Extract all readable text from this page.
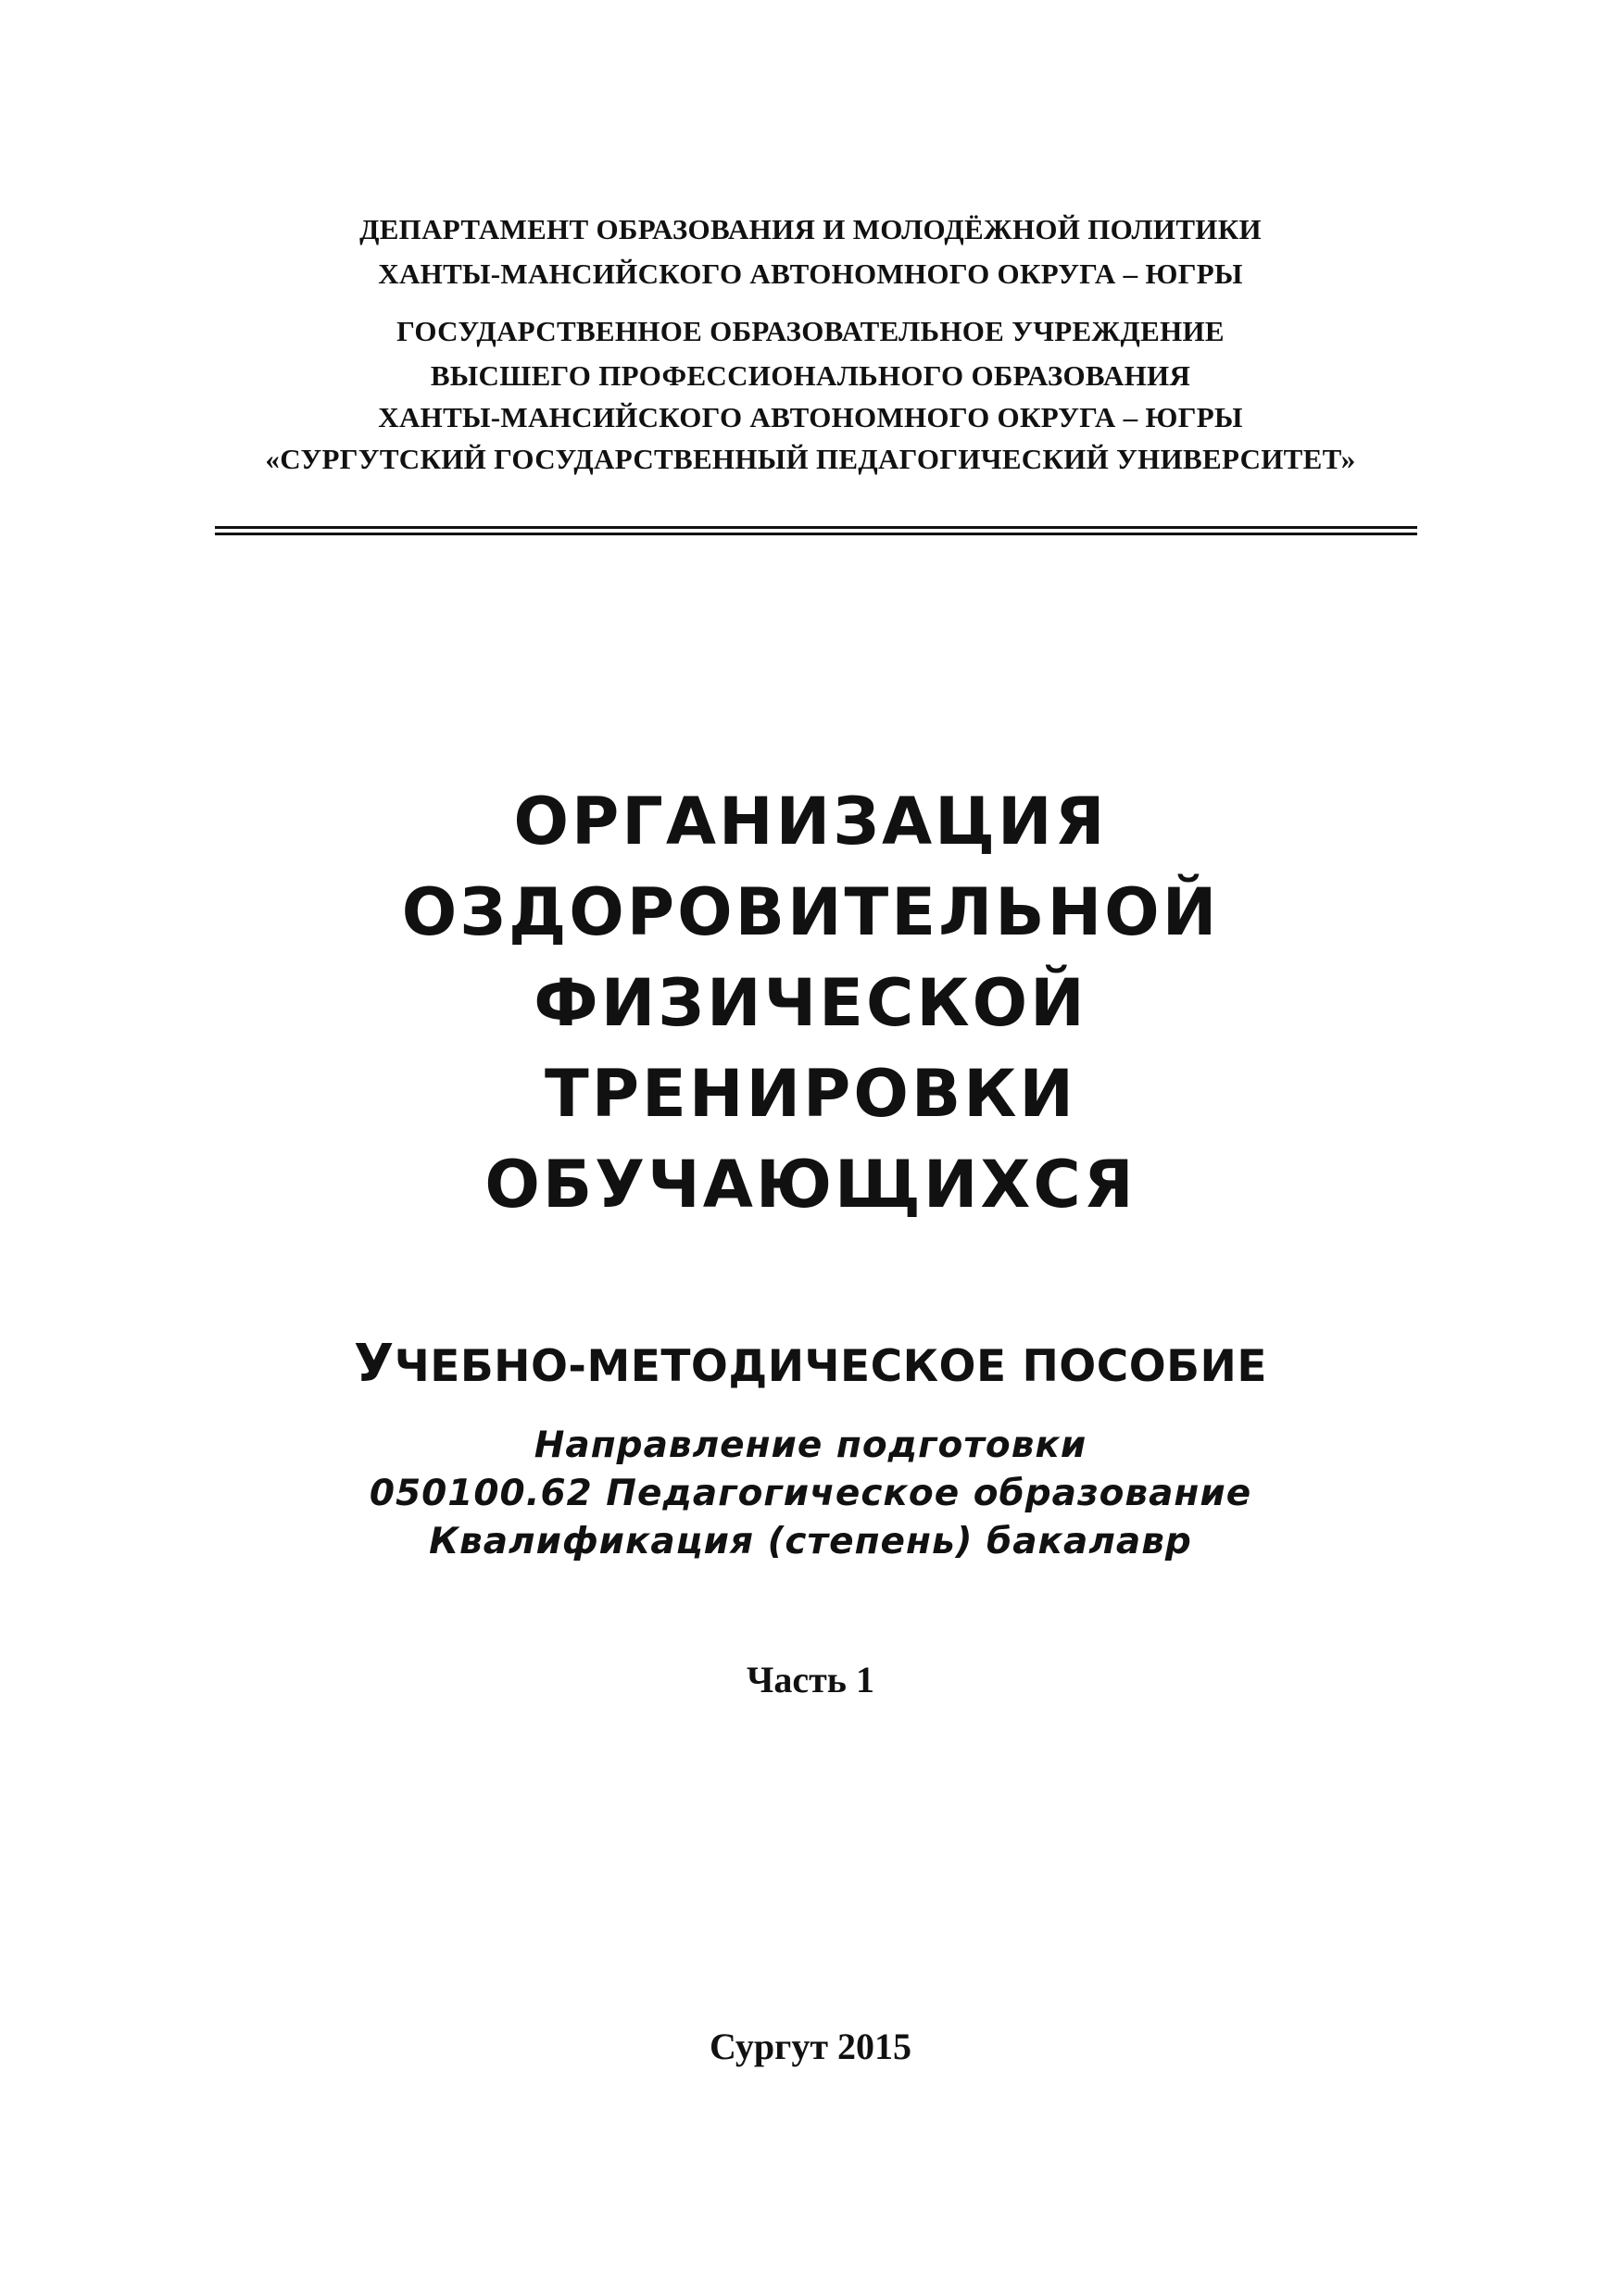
ДЕПАРТАМЕНТ ОБРАЗОВАНИЯ И МОЛОДЁЖНОЙ ПОЛИТИКИ
ХАНТЫ-МАНСИЙСКОГО АВТОНОМНОГО ОКРУГА – ЮГРЫ
ГОСУДАРСТВЕННОЕ ОБРАЗОВАТЕЛЬНОЕ УЧРЕЖДЕНИЕ
ВЫСШЕГО ПРОФЕССИОНАЛЬНОГО ОБРАЗОВАНИЯ
ХАНТЫ-МАНСИЙСКОГО АВТОНОМНОГО ОКРУГА – ЮГРЫ
«СУРГУТСКИЙ ГОСУДАРСТВЕННЫЙ ПЕДАГОГИЧЕСКИЙ УНИВЕРСИТЕТ»
ОРГАНИЗАЦИЯ
ОЗДОРОВИТЕЛЬНОЙ
ФИЗИЧЕСКОЙ
ТРЕНИРОВКИ
ОБУЧАЮЩИХСЯ
УЧЕБНО-МЕТОДИЧЕСКОЕ ПОСОБИЕ
Направление подготовки
050100.62 Педагогическое образование
Квалификация (степень) бакалавр
Часть 1
Сургут 2015
